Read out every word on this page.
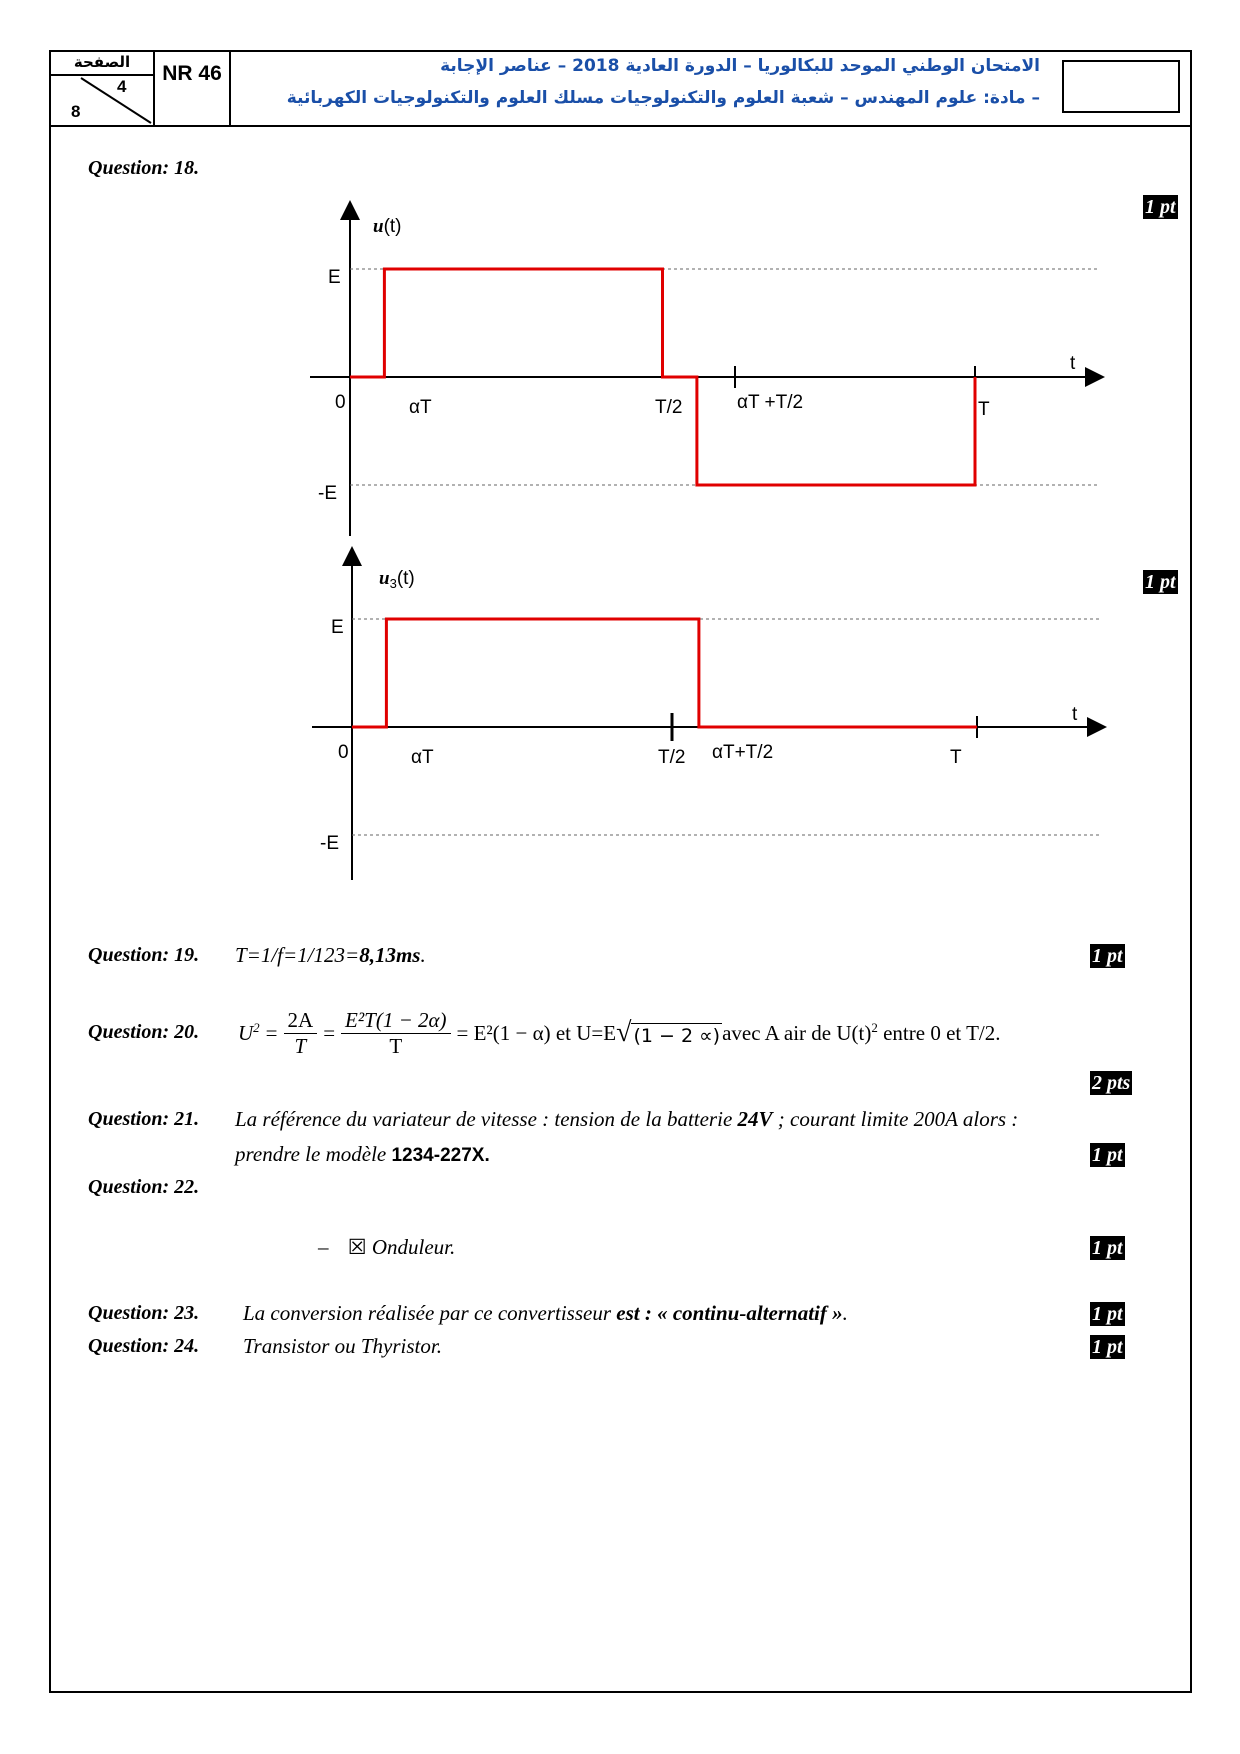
الصفحة
4
8
NR 46	الامتحان الوطني الموحد للبكالوريا – الدورة العادية 2018 – عناصر الإجابة
– مادة: علوم المهندس – شعبة العلوم والتكنولوجيات مسلك العلوم والتكنولوجيات الكهربائية
Question: 18.
1 pt
1 pt
u(t)
t
E
-E
0	αT	T/2	αT +T/2	T
$u_3(t)$
t
E
-E
0	αT	T/2 αT+T/2	T
Question: 19. T=1/f=1/123=8,13ms.	1 pt
Question: 20. $U^2 = \frac{2A}{T} = \frac{\text{E²T(1 − 2α)}}{T} = E^2(1 - \alpha)$ et U=E √ (1 − 2 ∝) avec A air de $U(t)^2$ entre 0 et T/2.
2 pts
Question: 21. La référence du variateur de vitesse : tension de la batterie 24V ; courant limite 200A alors :
prendre le modèle 1234-227X.	1 pt
Question: 22.
– ☒ Onduleur.	1 pt
Question: 23. La conversion réalisée par ce convertisseur est : « continu-alternatif ».	1 pt
Question: 24. Transistor ou Thyristor.	1 pt
